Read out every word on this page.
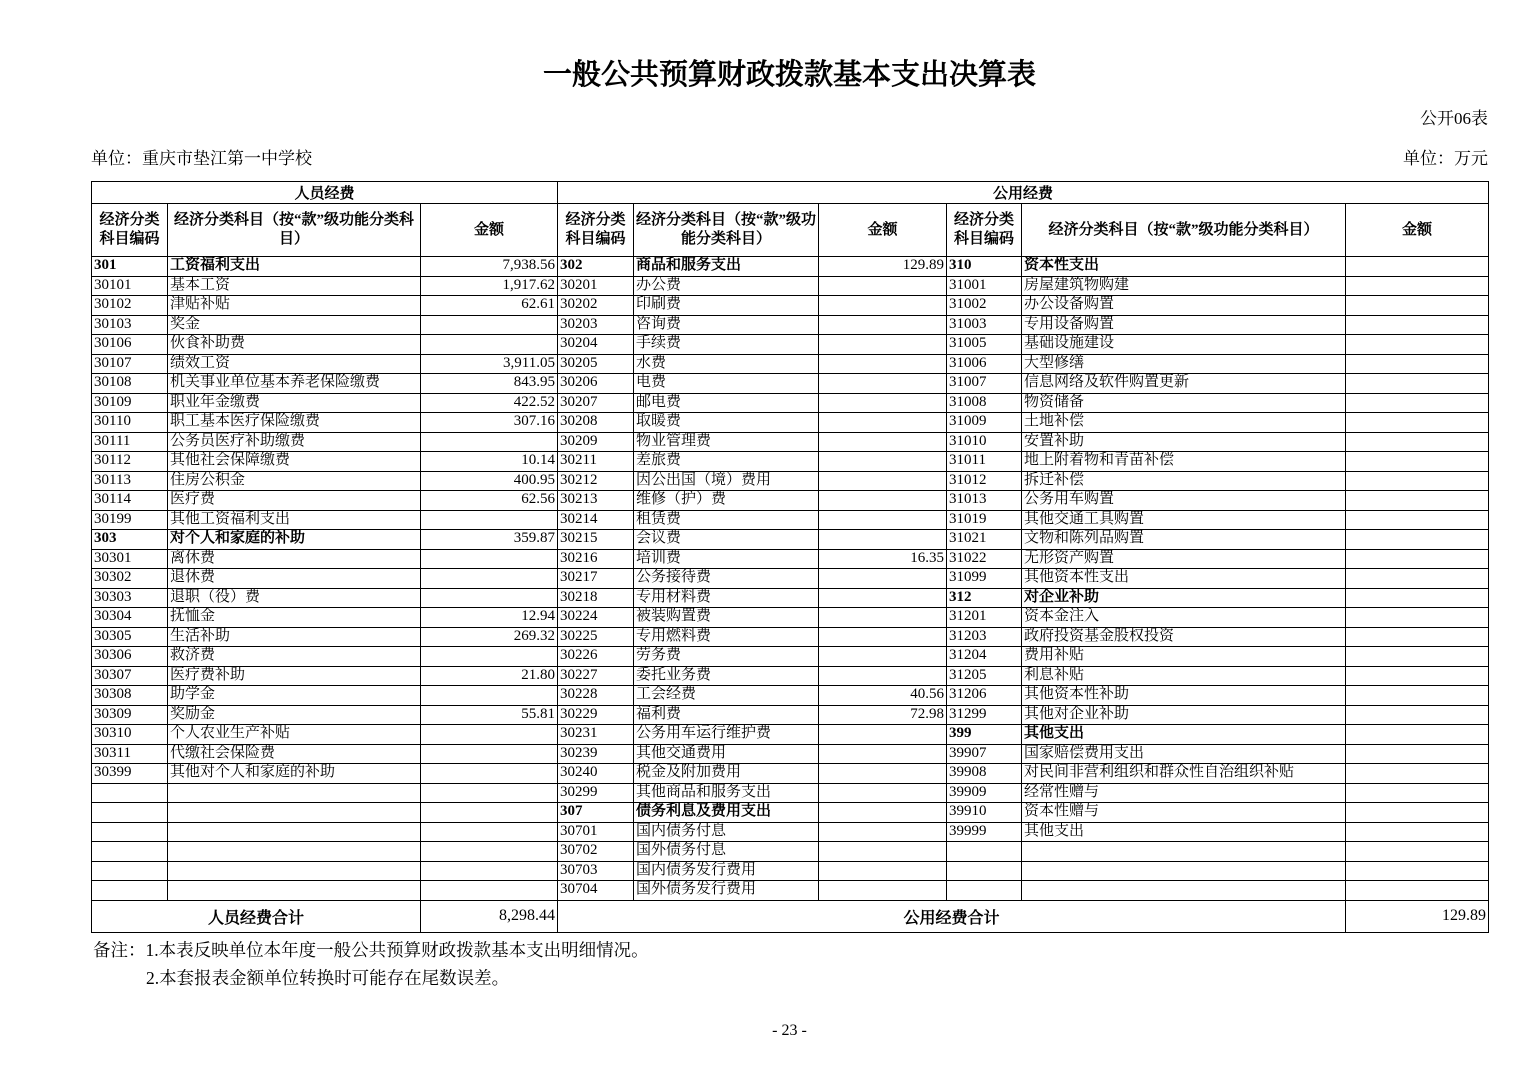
一般公共预算财政拨款基本支出决算表
公开06表
单位：重庆市垫江第一中学校	单位：万元
人员经费			公用经费					
经济分类科目编码	经济分类科目（按“款”级功能分类科目）	金额	经济分类科目编码	经济分类科目（按“款”级功能分类科目）	金额	经济分类科目编码	经济分类科目（按“款”级功能分类科目）	金额
301	工资福利支出	7,938.56	302	商品和服务支出	129.89	310	资本性支出	
30101	基本工资	1,917.62	30201	办公费		31001	房屋建筑物购建	
30102	津贴补贴	62.61	30202	印刷费		31002	办公设备购置	
30103	奖金		30203	咨询费		31003	专用设备购置	
30106	伙食补助费		30204	手续费		31005	基础设施建设	
30107	绩效工资	3,911.05	30205	水费		31006	大型修缮	
30108	机关事业单位基本养老保险缴费	843.95	30206	电费		31007	信息网络及软件购置更新	
30109	职业年金缴费	422.52	30207	邮电费		31008	物资储备	
30110	职工基本医疗保险缴费	307.16	30208	取暖费		31009	土地补偿	
30111	公务员医疗补助缴费		30209	物业管理费		31010	安置补助	
30112	其他社会保障缴费	10.14	30211	差旅费		31011	地上附着物和青苗补偿	
30113	住房公积金	400.95	30212	因公出国（境）费用		31012	拆迁补偿	
30114	医疗费	62.56	30213	维修（护）费		31013	公务用车购置	
30199	其他工资福利支出		30214	租赁费		31019	其他交通工具购置	
303	对个人和家庭的补助	359.87	30215	会议费		31021	文物和陈列品购置	
30301	离休费		30216	培训费	16.35	31022	无形资产购置	
30302	退休费		30217	公务接待费		31099	其他资本性支出	
30303	退职（役）费		30218	专用材料费		312	对企业补助	
30304	抚恤金	12.94	30224	被装购置费		31201	资本金注入	
30305	生活补助	269.32	30225	专用燃料费		31203	政府投资基金股权投资	
30306	救济费		30226	劳务费		31204	费用补贴	
30307	医疗费补助	21.80	30227	委托业务费		31205	利息补贴	
30308	助学金		30228	工会经费	40.56	31206	其他资本性补助	
30309	奖励金	55.81	30229	福利费	72.98	31299	其他对企业补助	
30310	个人农业生产补贴		30231	公务用车运行维护费		399	其他支出	
30311	代缴社会保险费		30239	其他交通费用		39907	国家赔偿费用支出	
30399	其他对个人和家庭的补助		30240	税金及附加费用		39908	对民间非营利组织和群众性自治组织补贴	
			30299	其他商品和服务支出		39909	经常性赠与	
			307	债务利息及费用支出		39910	资本性赠与	
			30701	国内债务付息		39999	其他支出	
			30702	国外债务付息				
			30703	国内债务发行费用				
			30704	国外债务发行费用				
人员经费合计		8,298.44	公用经费合计					129.89
备注：1.本表反映单位本年度一般公共预算财政拨款基本支出明细情况。
2.本套报表金额单位转换时可能存在尾数误差。
- 23 -
